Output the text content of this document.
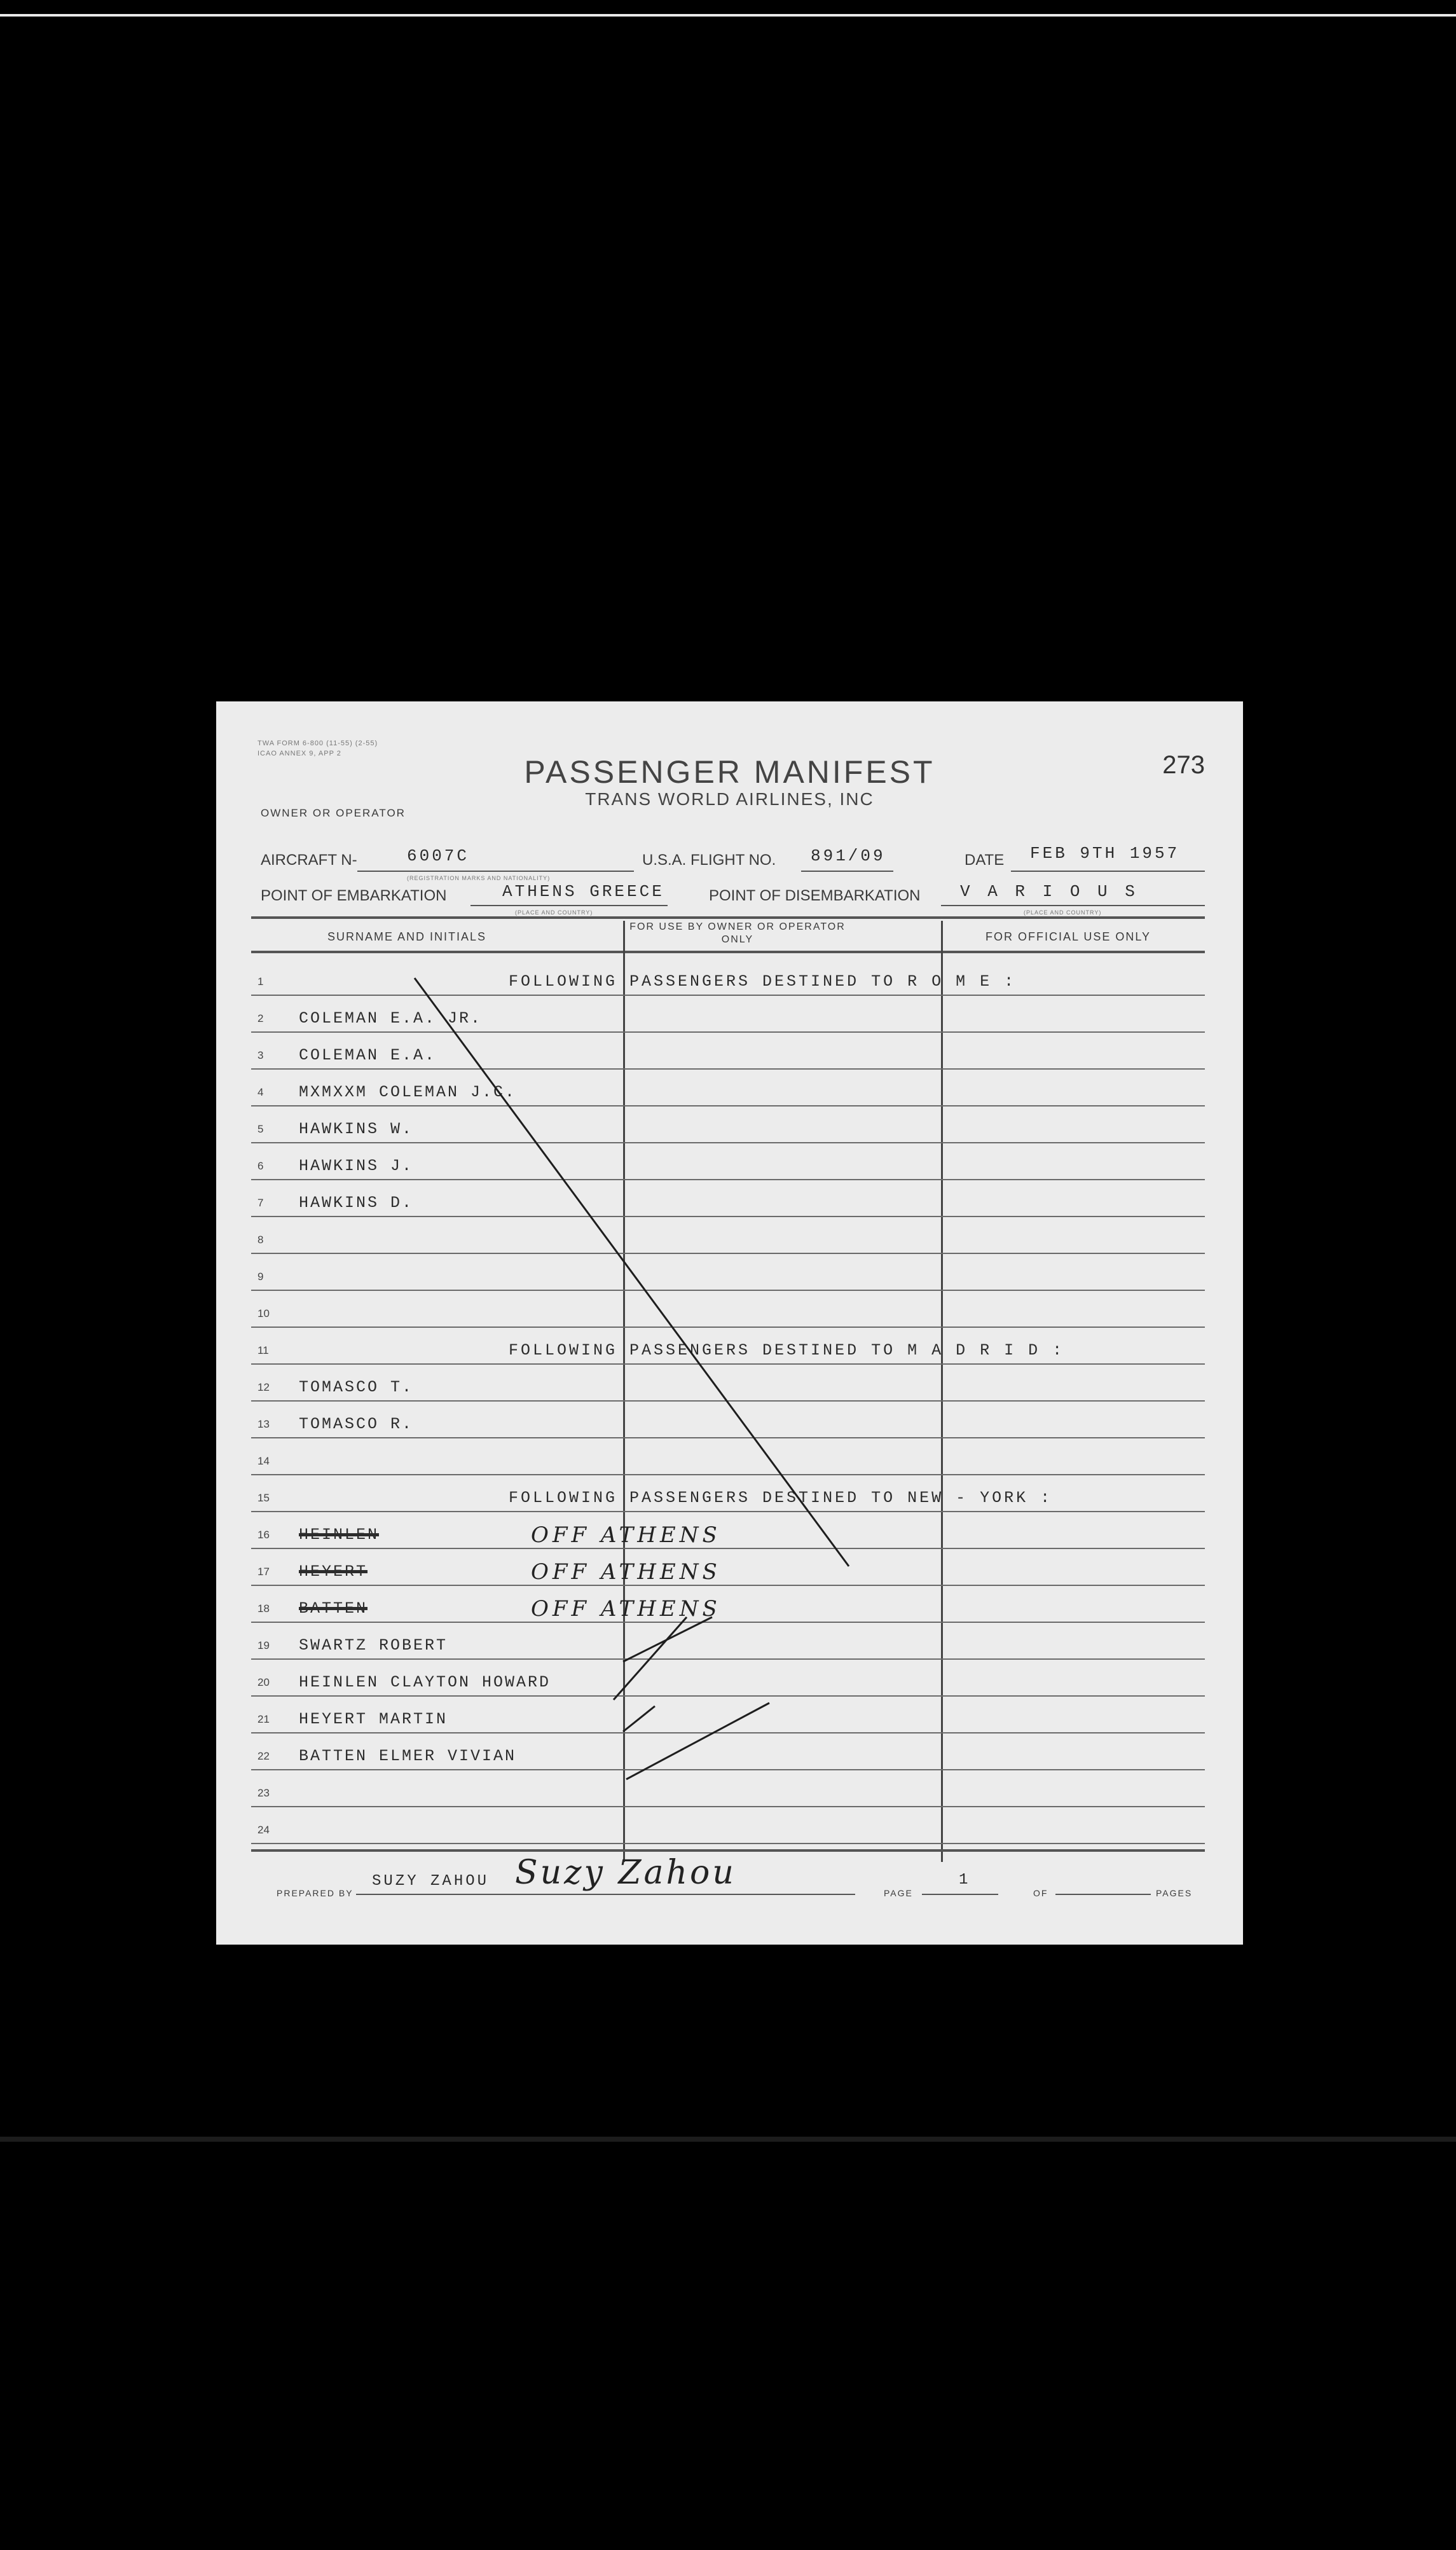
TWA FORM 6-800 (11-55) (2-55)
ICAO ANNEX 9, APP 2
PASSENGER MANIFEST
TRANS WORLD AIRLINES, INC
273
OWNER OR OPERATOR
AIRCRAFT N-	6007C
(REGISTRATION MARKS AND NATIONALITY)
U.S.A. FLIGHT NO. 891/09	DATE FEB 9TH 1957
POINT OF EMBARKATION	ATHENS GREECE
(PLACE AND COUNTRY)
POINT OF DISEMBARKATION V A R I O U S
(PLACE AND COUNTRY)
SURNAME AND INITIALS
FOR USE BY OWNER OR OPERATOR ONLY	FOR OFFICIAL USE ONLY
1	FOLLOWING PASSENGERS DESTINED TO R O M E :
2 COLEMAN E.A. JR.
3 COLEMAN E.A.
4 MXMXXM COLEMAN J.C.
5 HAWKINS W.
6 HAWKINS J.
7 HAWKINS D.
8
9
10
11	FOLLOWING PASSENGERS DESTINED TO M A D R I D :
12 TOMASCO T.
13 TOMASCO R.
14
15	FOLLOWING PASSENGERS DESTINED TO NEW - YORK :
16 HEINLEN	OFF ATHENS
17 HEYERT	OFF ATHENS
18 BATTEN	OFF ATHENS
19 SWARTZ ROBERT
20 HEINLEN CLAYTON HOWARD
21 HEYERT MARTIN
22 BATTEN ELMER VIVIAN
23
24
PREPARED BY
SUZY ZAHOU Suzy Zahou
PAGE
1
OF	PAGES
